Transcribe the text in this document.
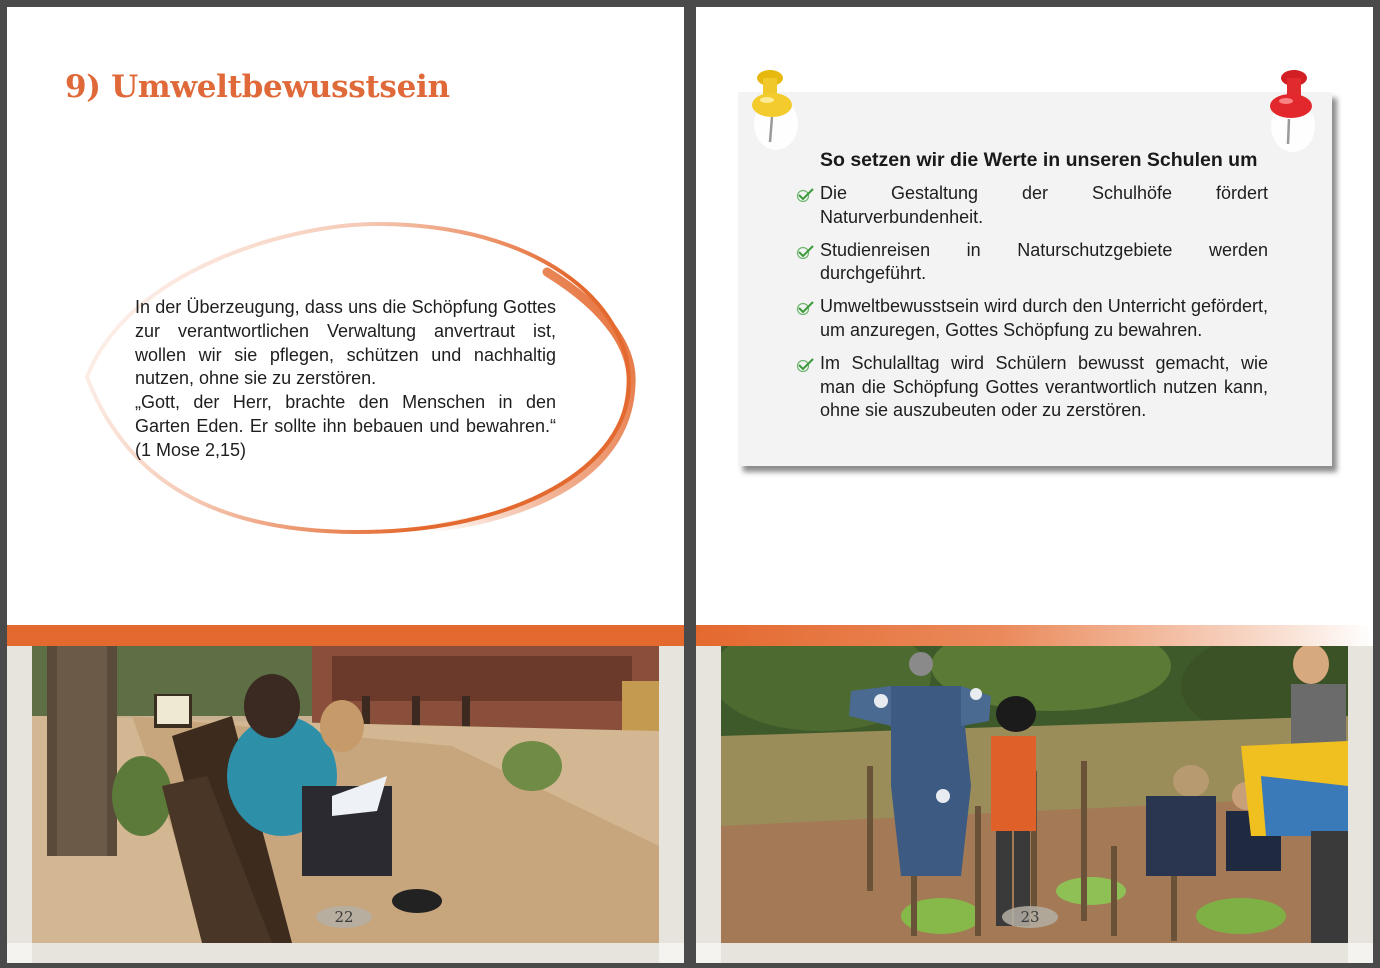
9) Umweltbewusstsein

In der Überzeugung, dass uns die Schöpfung Gottes zur verantwortlichen Verwaltung anvertraut ist, wollen wir sie pflegen, schützen und nachhaltig nutzen, ohne sie zu zerstören.

„Gott, der Herr, brachte den Menschen in den Garten Eden. Er sollte ihn bebauen und bewahren.“ (1 Mose 2,15)

22
So setzen wir die Werte in unseren Schulen um
Die Gestaltung der Schulhöfe fördert Naturverbundenheit.
Studienreisen in Naturschutzgebiete werden durchgeführt.
Umweltbewusstsein wird durch den Unterricht gefördert, um anzuregen, Gottes Schöpfung zu bewahren.
Im Schulalltag wird Schülern bewusst gemacht, wie man die Schöpfung Gottes verantwortlich nutzen kann, ohne sie auszubeuten oder zu zerstören.
23
